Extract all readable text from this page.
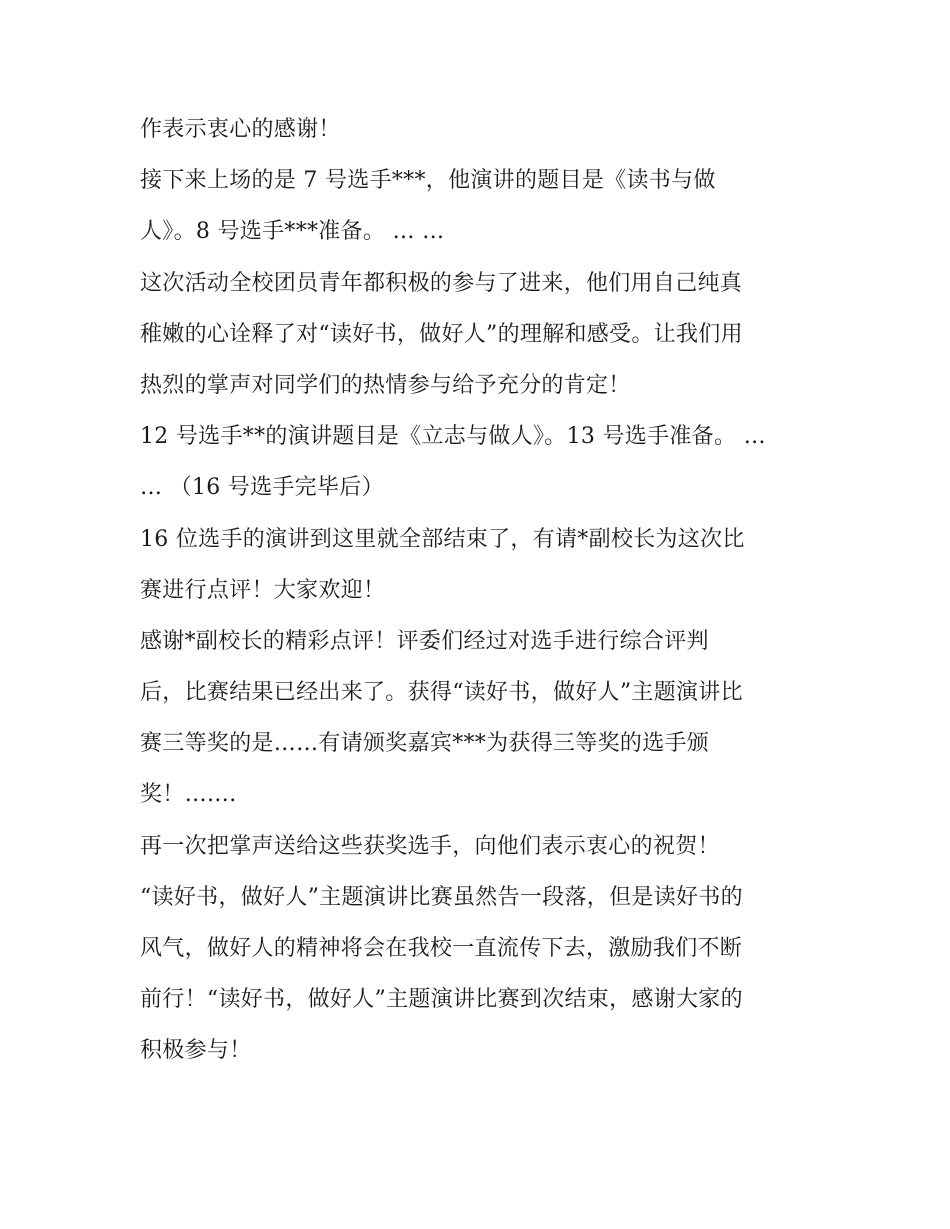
作表示衷心的感谢！
接下来上场的是 7 号选手***，他演讲的题目是《读书与做
人》。8 号选手***准备。 … …
这次活动全校团员青年都积极的参与了进来，他们用自己纯真
稚嫩的心诠释了对“读好书，做好人”的理解和感受。让我们用
热烈的掌声对同学们的热情参与给予充分的肯定！
12 号选手**的演讲题目是《立志与做人》。13 号选手准备。 …
… （16 号选手完毕后）
16 位选手的演讲到这里就全部结束了，有请*副校长为这次比
赛进行点评！大家欢迎！
感谢*副校长的精彩点评！评委们经过对选手进行综合评判
后，比赛结果已经出来了。获得“读好书，做好人”主题演讲比
赛三等奖的是……有请颁奖嘉宾***为获得三等奖的选手颁
奖！…….
再一次把掌声送给这些获奖选手，向他们表示衷心的祝贺！
“读好书，做好人”主题演讲比赛虽然告一段落，但是读好书的
风气，做好人的精神将会在我校一直流传下去，激励我们不断
前行！“读好书，做好人”主题演讲比赛到次结束，感谢大家的
积极参与！
